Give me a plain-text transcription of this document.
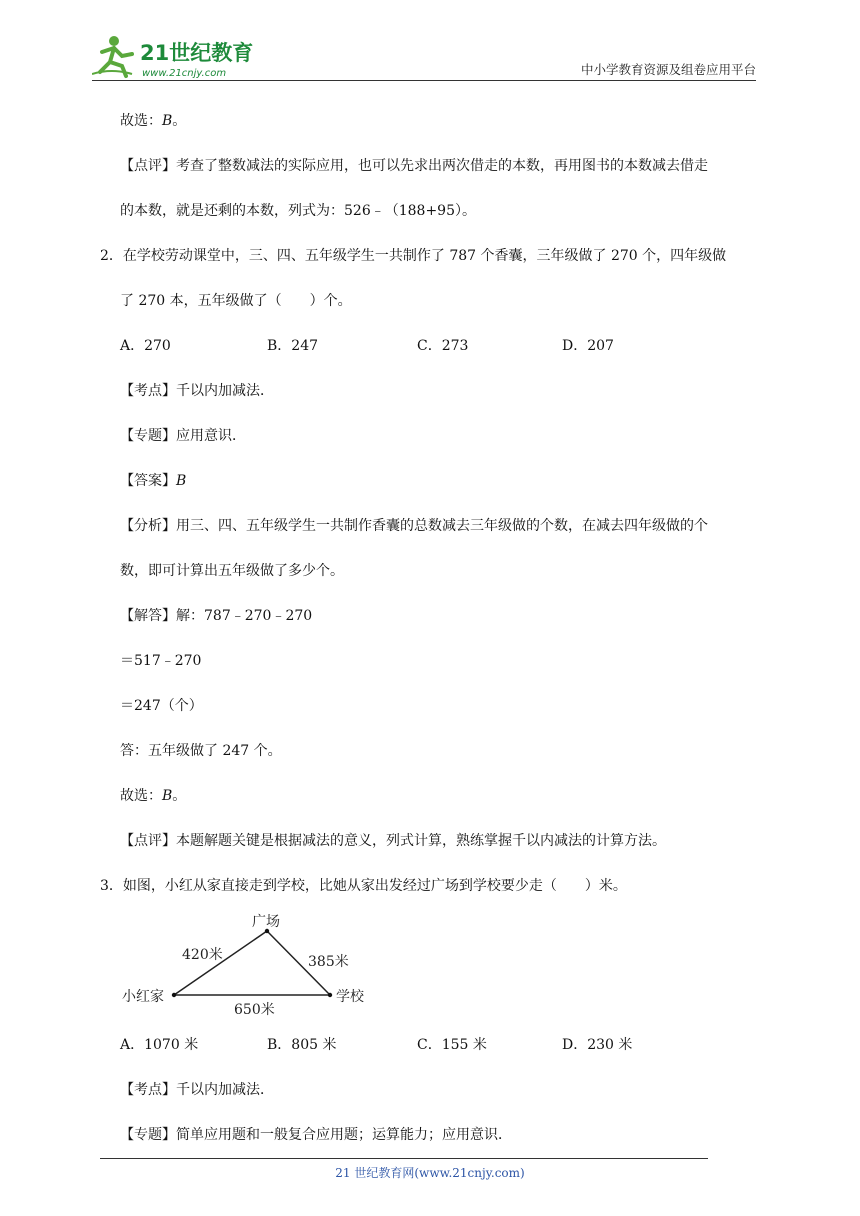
21世纪教育
www.21cnjy.com	中小学教育资源及组卷应用平台
故选：B。
【点评】考查了整数减法的实际应用，也可以先求出两次借走的本数，再用图书的本数减去借走
的本数，就是还剩的本数，列式为：526﹣（188+95）。
2．在学校劳动课堂中，三、四、五年级学生一共制作了 787 个香囊，三年级做了 270 个，四年级做
了 270 本，五年级做了（　　）个。
A．270	B．247	C．273	D．207
【考点】千以内加减法．
【专题】应用意识．
【答案】B
【分析】用三、四、五年级学生一共制作香囊的总数减去三年级做的个数，在减去四年级做的个
数，即可计算出五年级做了多少个。
【解答】解：787﹣270﹣270
＝517﹣270
＝247（个）
答：五年级做了 247 个。
故选：B。
【点评】本题解题关键是根据减法的意义，列式计算，熟练掌握千以内减法的计算方法。
3．如图，小红从家直接走到学校，比她从家出发经过广场到学校要少走（　　）米。
广场
小红家	学校
420米	385米
650米
A．1070 米	B．805 米	C．155 米	D．230 米
【考点】千以内加减法．
【专题】简单应用题和一般复合应用题；运算能力；应用意识．
21 世纪教育网(www.21cnjy.com)
